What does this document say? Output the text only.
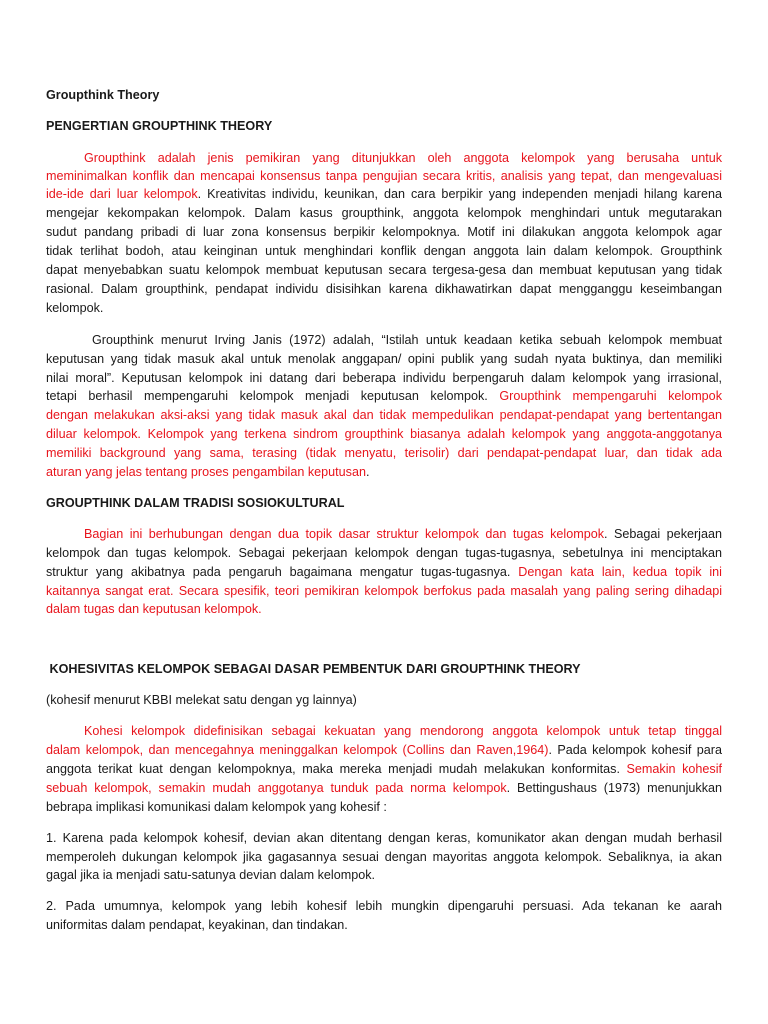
Groupthink Theory
PENGERTIAN GROUPTHINK THEORY
Groupthink adalah jenis pemikiran yang ditunjukkan oleh anggota kelompok yang berusaha untuk
meminimalkan konflik dan mencapai konsensus tanpa pengujian secara kritis, analisis yang tepat, dan mengevaluasi
ide-ide dari luar kelompok. Kreativitas individu, keunikan, dan cara berpikir yang independen menjadi hilang karena
mengejar kekompakan kelompok. Dalam kasus groupthink, anggota kelompok menghindari untuk megutarakan
sudut pandang pribadi di luar zona konsensus berpikir kelompoknya. Motif ini dilakukan anggota kelompok agar
tidak terlihat bodoh, atau keinginan untuk menghindari konflik dengan anggota lain dalam kelompok. Groupthink
dapat menyebabkan suatu kelompok membuat keputusan secara tergesa-gesa dan membuat keputusan yang tidak
rasional. Dalam groupthink, pendapat individu disisihkan karena dikhawatirkan dapat mengganggu keseimbangan
kelompok.
Groupthink menurut Irving Janis (1972) adalah, “Istilah untuk keadaan ketika sebuah kelompok membuat
keputusan yang tidak masuk akal untuk menolak anggapan/ opini publik yang sudah nyata buktinya, dan memiliki
nilai moral”. Keputusan kelompok ini datang dari beberapa individu berpengaruh dalam kelompok yang irrasional,
tetapi berhasil mempengaruhi kelompok menjadi keputusan kelompok. Groupthink mempengaruhi kelompok
dengan melakukan aksi-aksi yang tidak masuk akal dan tidak mempedulikan pendapat-pendapat yang bertentangan
diluar kelompok. Kelompok yang terkena sindrom groupthink biasanya adalah kelompok yang anggota-anggotanya
memiliki background yang sama, terasing (tidak menyatu, terisolir) dari pendapat-pendapat luar, dan tidak ada
aturan yang jelas tentang proses pengambilan keputusan.
GROUPTHINK DALAM TRADISI SOSIOKULTURAL
Bagian ini berhubungan dengan dua topik dasar struktur kelompok dan tugas kelompok. Sebagai pekerjaan
kelompok dan tugas kelompok. Sebagai pekerjaan kelompok dengan tugas-tugasnya, sebetulnya ini menciptakan
struktur yang akibatnya pada pengaruh bagaimana mengatur tugas-tugasnya. Dengan kata lain, kedua topik ini
kaitannya sangat erat. Secara spesifik, teori pemikiran kelompok berfokus pada masalah yang paling sering dihadapi
dalam tugas dan keputusan kelompok.
KOHESIVITAS KELOMPOK SEBAGAI DASAR PEMBENTUK DARI GROUPTHINK THEORY
(kohesif menurut KBBI melekat satu dengan yg lainnya)
Kohesi kelompok didefinisikan sebagai kekuatan yang mendorong anggota kelompok untuk tetap tinggal
dalam kelompok, dan mencegahnya meninggalkan kelompok (Collins dan Raven,1964). Pada kelompok kohesif para
anggota terikat kuat dengan kelompoknya, maka mereka menjadi mudah melakukan konformitas. Semakin kohesif
sebuah kelompok, semakin mudah anggotanya tunduk pada norma kelompok. Bettingushaus (1973) menunjukkan
bebrapa implikasi komunikasi dalam kelompok yang kohesif :
1. Karena pada kelompok kohesif, devian akan ditentang dengan keras, komunikator akan dengan mudah berhasil
memperoleh dukungan kelompok jika gagasannya sesuai dengan mayoritas anggota kelompok. Sebaliknya, ia akan
gagal jika ia menjadi satu-satunya devian dalam kelompok.
2. Pada umumnya, kelompok yang lebih kohesif lebih mungkin dipengaruhi persuasi. Ada tekanan ke aarah
uniformitas dalam pendapat, keyakinan, dan tindakan.
